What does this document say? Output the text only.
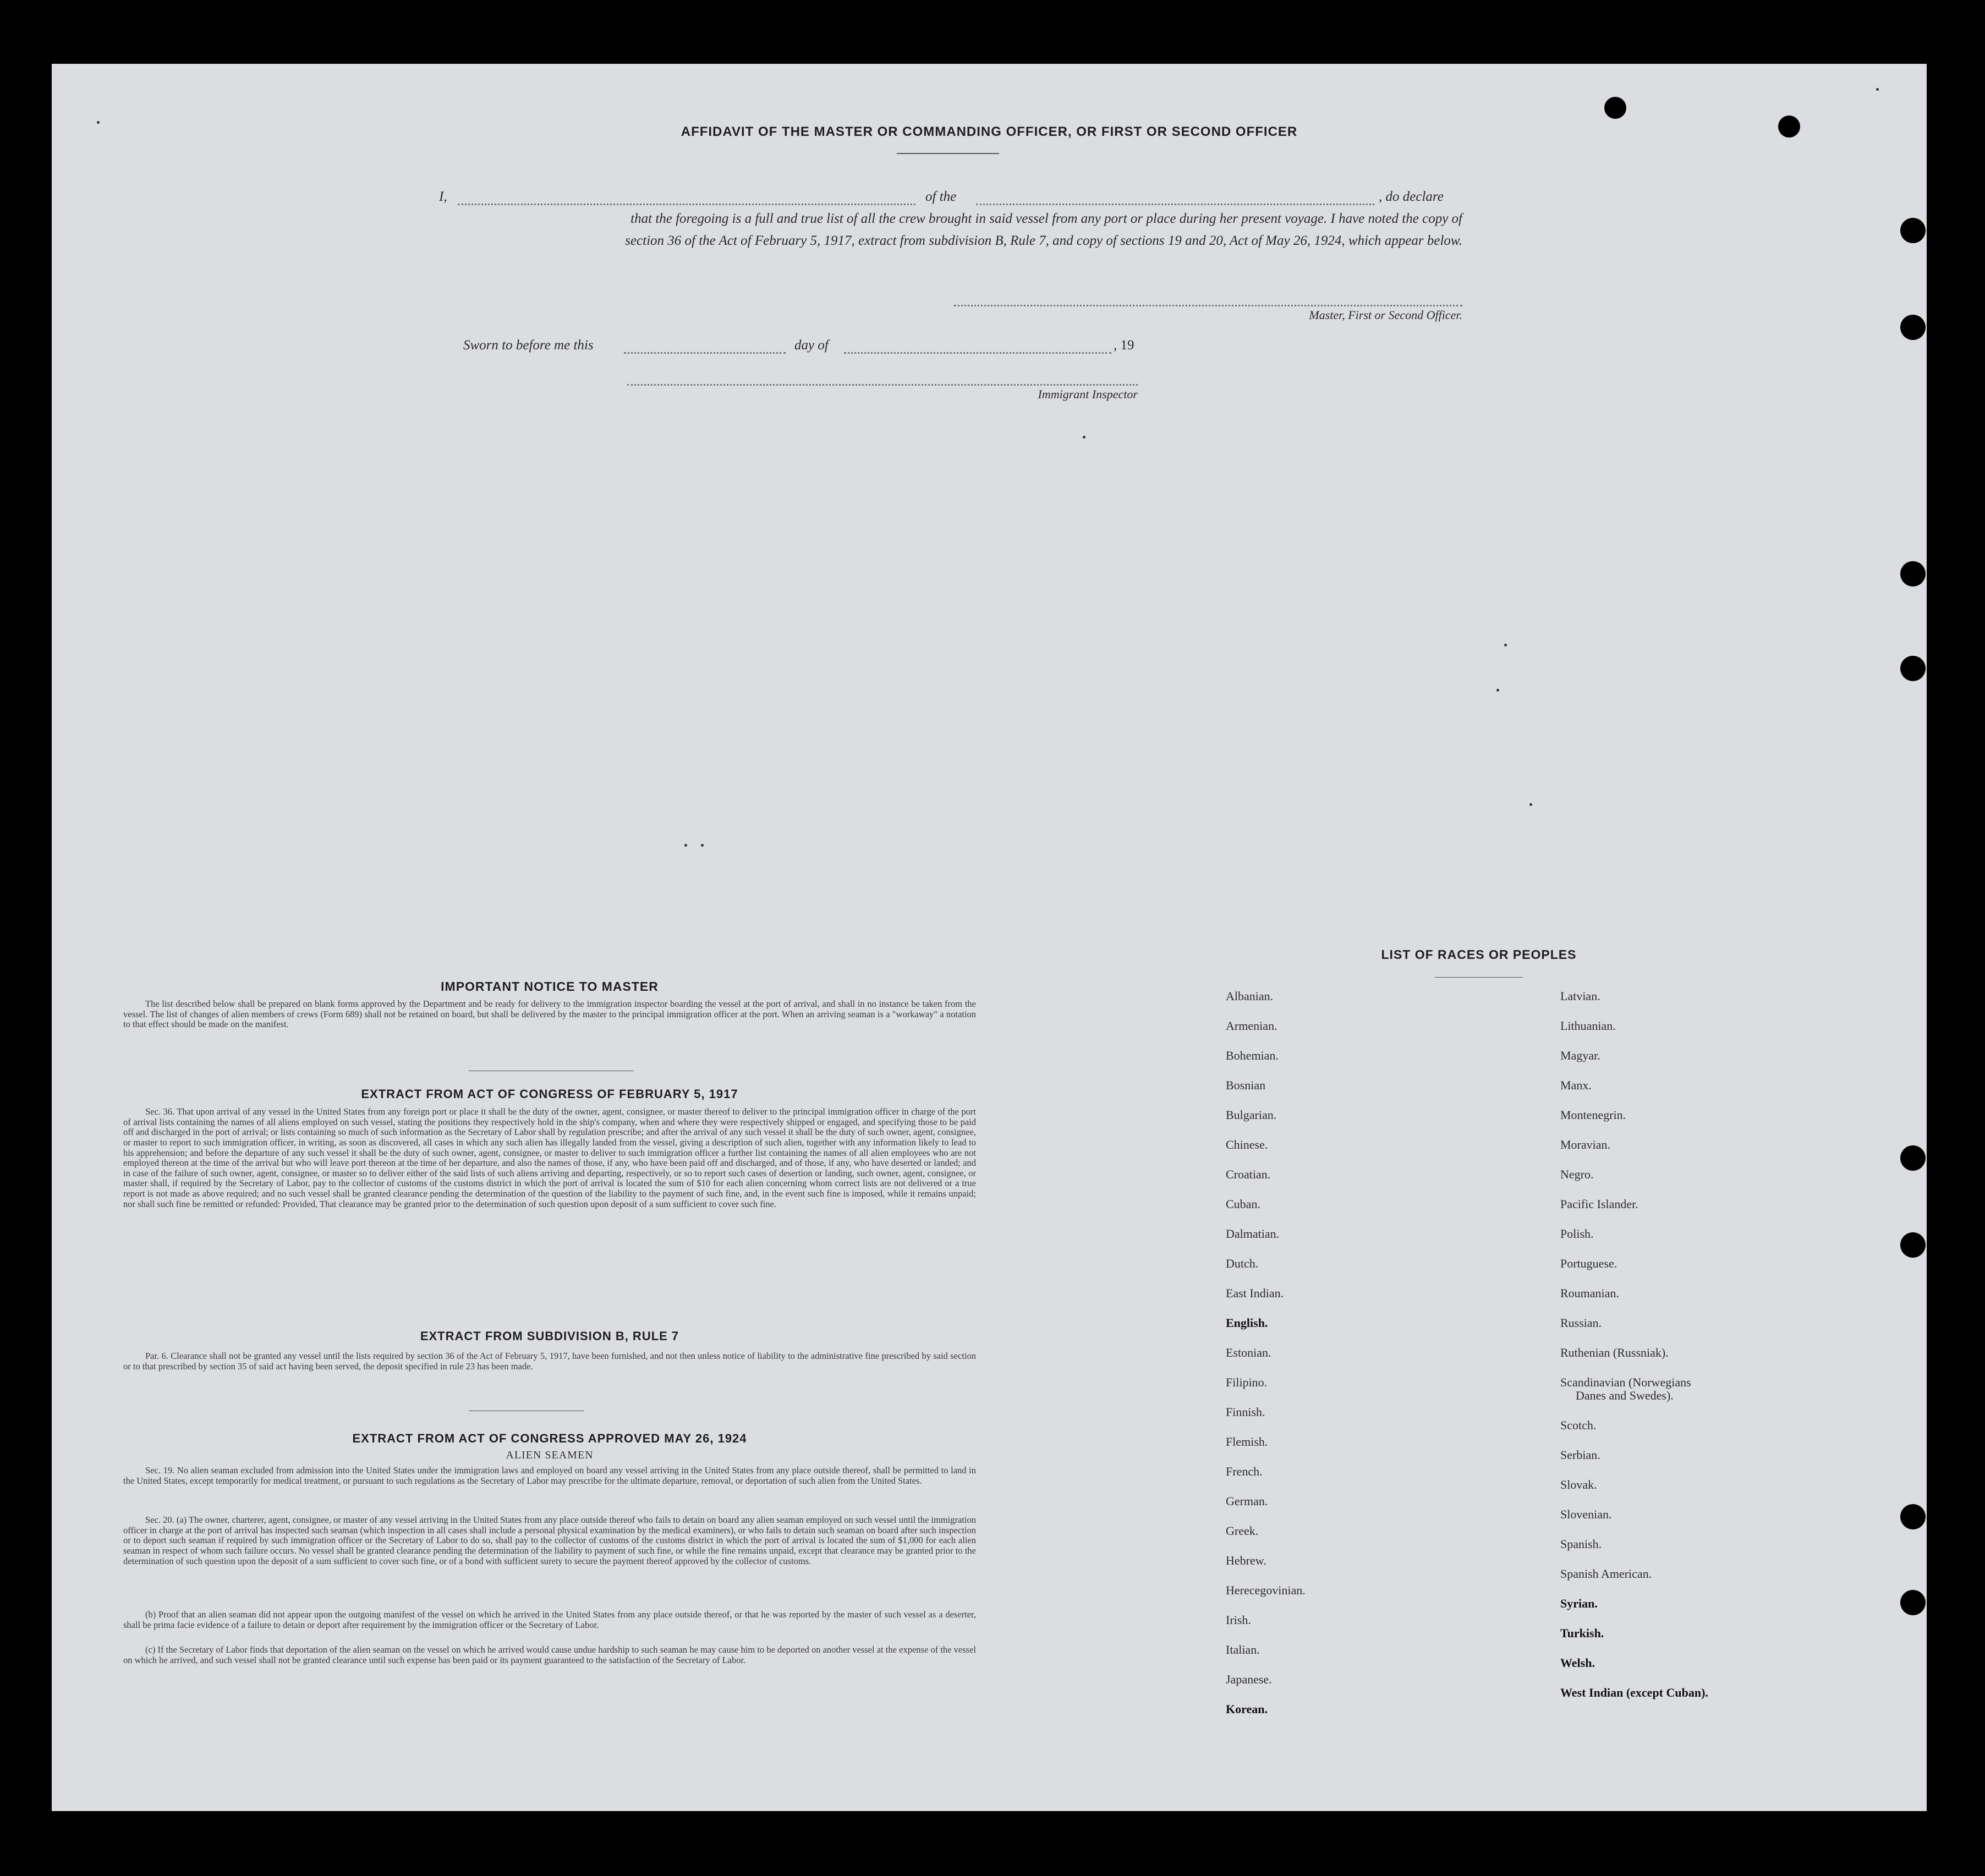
AFFIDAVIT OF THE MASTER OR COMMANDING OFFICER, OR FIRST OR SECOND OFFICER
I,	of the	, do declare
that the foregoing is a full and true list of all the crew brought in said vessel from any port or place during her present voyage. I have noted the copy of
section 36 of the Act of February 5, 1917, extract from subdivision B, Rule 7, and copy of sections 19 and 20, Act of May 26, 1924, which appear below.
Master, First or Second Officer.
Sworn to before me this	day of	, 19
Immigrant Inspector
IMPORTANT NOTICE TO MASTER

The list described below shall be prepared on blank forms approved by the Department and be ready for delivery to the immigration inspector boarding the vessel at the port of arrival, and shall in no instance be taken from the vessel. The list of changes of alien members of crews (Form 689) shall not be retained on board, but shall be delivered by the master to the principal immigration officer at the port. When an arriving seaman is a "workaway" a notation to that effect should be made on the manifest.

EXTRACT FROM ACT OF CONGRESS OF FEBRUARY 5, 1917

Sec. 36. That upon arrival of any vessel in the United States from any foreign port or place it shall be the duty of the owner, agent, consignee, or master thereof to deliver to the principal immigration officer in charge of the port of arrival lists containing the names of all aliens employed on such vessel, stating the positions they respectively hold in the ship's company, when and where they were respectively shipped or engaged, and specifying those to be paid off and discharged in the port of arrival; or lists containing so much of such information as the Secretary of Labor shall by regulation prescribe; and after the arrival of any such vessel it shall be the duty of such owner, agent, consignee, or master to report to such immigration officer, in writing, as soon as discovered, all cases in which any such alien has illegally landed from the vessel, giving a description of such alien, together with any information likely to lead to his apprehension; and before the departure of any such vessel it shall be the duty of such owner, agent, consignee, or master to deliver to such immigration officer a further list containing the names of all alien employees who are not employed thereon at the time of the arrival but who will leave port thereon at the time of her departure, and also the names of those, if any, who have been paid off and discharged, and of those, if any, who have deserted or landed; and in case of the failure of such owner, agent, consignee, or master so to deliver either of the said lists of such aliens arriving and departing, respectively, or so to report such cases of desertion or landing, such owner, agent, consignee, or master shall, if required by the Secretary of Labor, pay to the collector of customs of the customs district in which the port of arrival is located the sum of $10 for each alien concerning whom correct lists are not delivered or a true report is not made as above required; and no such vessel shall be granted clearance pending the determination of the question of the liability to the payment of such fine, and, in the event such fine is imposed, while it remains unpaid; nor shall such fine be remitted or refunded: Provided, That clearance may be granted prior to the determination of such question upon deposit of a sum sufficient to cover such fine.

EXTRACT FROM SUBDIVISION B, RULE 7

Par. 6. Clearance shall not be granted any vessel until the lists required by section 36 of the Act of February 5, 1917, have been furnished, and not then unless notice of liability to the administrative fine prescribed by said section or to that prescribed by section 35 of said act having been served, the deposit specified in rule 23 has been made.

EXTRACT FROM ACT OF CONGRESS APPROVED MAY 26, 1924
ALIEN SEAMEN

Sec. 19. No alien seaman excluded from admission into the United States under the immigration laws and employed on board any vessel arriving in the United States from any place outside thereof, shall be permitted to land in the United States, except temporarily for medical treatment, or pursuant to such regulations as the Secretary of Labor may prescribe for the ultimate departure, removal, or deportation of such alien from the United States.

Sec. 20. (a) The owner, charterer, agent, consignee, or master of any vessel arriving in the United States from any place outside thereof who fails to detain on board any alien seaman employed on such vessel until the immigration officer in charge at the port of arrival has inspected such seaman (which inspection in all cases shall include a personal physical examination by the medical examiners), or who fails to detain such seaman on board after such inspection or to deport such seaman if required by such immigration officer or the Secretary of Labor to do so, shall pay to the collector of customs of the customs district in which the port of arrival is located the sum of $1,000 for each alien seaman in respect of whom such failure occurs. No vessel shall be granted clearance pending the determination of the liability to payment of such fine, or while the fine remains unpaid, except that clearance may be granted prior to the determination of such question upon the deposit of a sum sufficient to cover such fine, or of a bond with sufficient surety to secure the payment thereof approved by the collector of customs.

(b) Proof that an alien seaman did not appear upon the outgoing manifest of the vessel on which he arrived in the United States from any place outside thereof, or that he was reported by the master of such vessel as a deserter, shall be prima facie evidence of a failure to detain or deport after requirement by the immigration officer or the Secretary of Labor.

(c) If the Secretary of Labor finds that deportation of the alien seaman on the vessel on which he arrived would cause undue hardship to such seaman he may cause him to be deported on another vessel at the expense of the vessel on which he arrived, and such vessel shall not be granted clearance until such expense has been paid or its payment guaranteed to the satisfaction of the Secretary of Labor.

LIST OF RACES OR PEOPLES
Albanian.
Armenian.
Bohemian.
Bosnian
Bulgarian.
Chinese.
Croatian.
Cuban.
Dalmatian.
Dutch.
East Indian.
English.
Estonian.
Filipino.
Finnish.
Flemish.
French.
German.
Greek.
Hebrew.
Herecegovinian.
Irish.
Italian.
Japanese.
Korean.
Latvian.
Lithuanian.
Magyar.
Manx.
Montenegrin.
Moravian.
Negro.
Pacific Islander.
Polish.
Portuguese.
Roumanian.
Russian.
Ruthenian (Russniak).
Scandinavian (Norwegians
Danes and Swedes).
Scotch.
Serbian.
Slovak.
Slovenian.
Spanish.
Spanish American.
Syrian.
Turkish.
Welsh.
West Indian (except Cuban).
